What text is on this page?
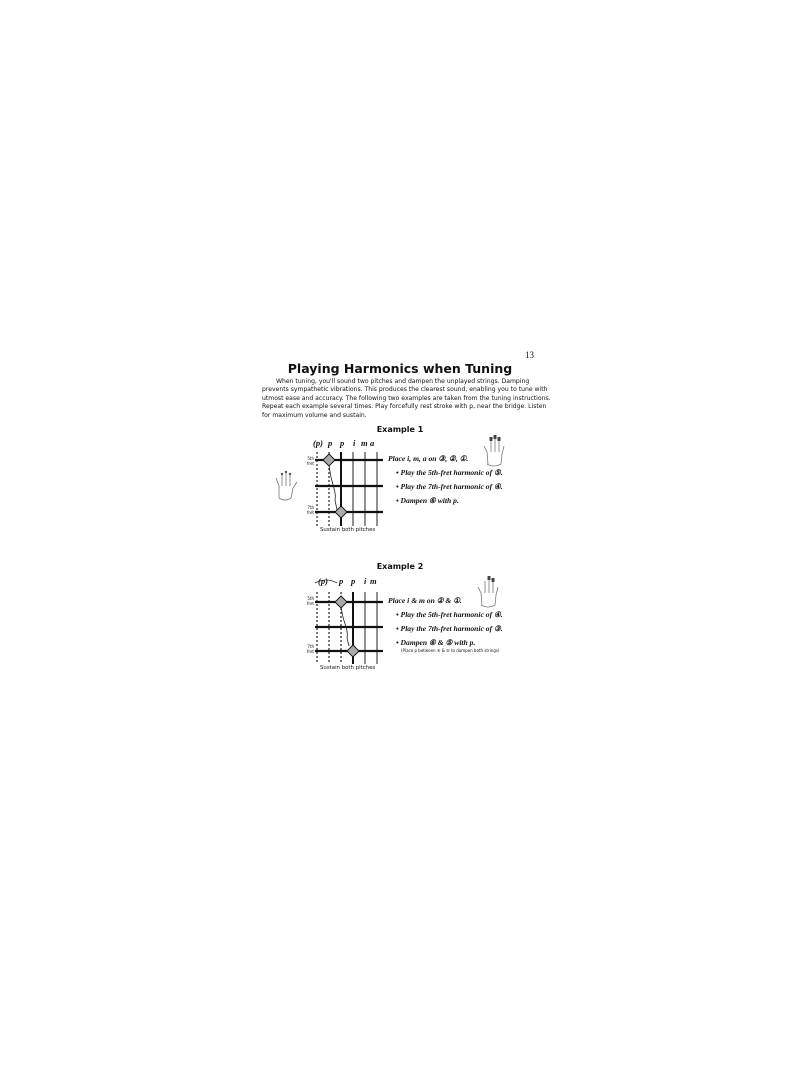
13
Playing Harmonics when Tuning
When tuning, you'll sound two pitches and dampen the unplayed strings. Damping
prevents sympathetic vibrations. This produces the clearest sound, enabling you to tune with
utmost ease and accuracy. The following two examples are taken from the tuning instructions.
Repeat each example several times. Play forcefully rest stroke with p, near the bridge. Listen
for maximum volume and sustain.
Example 1
(p) p p i m a
5th
fret
7th
fret
Sustain both pitches
Place i, m, a on ③, ②, ①.
• Play the 5th-fret harmonic of ⑤.
• Play the 7th-fret harmonic of ④.
• Dampen ⑥ with p.
Example 2
(p) p p i m
5th
fret
7th
fret
Sustain both pitches
Place i & m on ② & ①.
• Play the 5th-fret harmonic of ④.
• Play the 7th-fret harmonic of ③.
• Dampen ⑥ & ⑤ with p.
(Place p between ⑥ & ⑤ to dampen both strings)
